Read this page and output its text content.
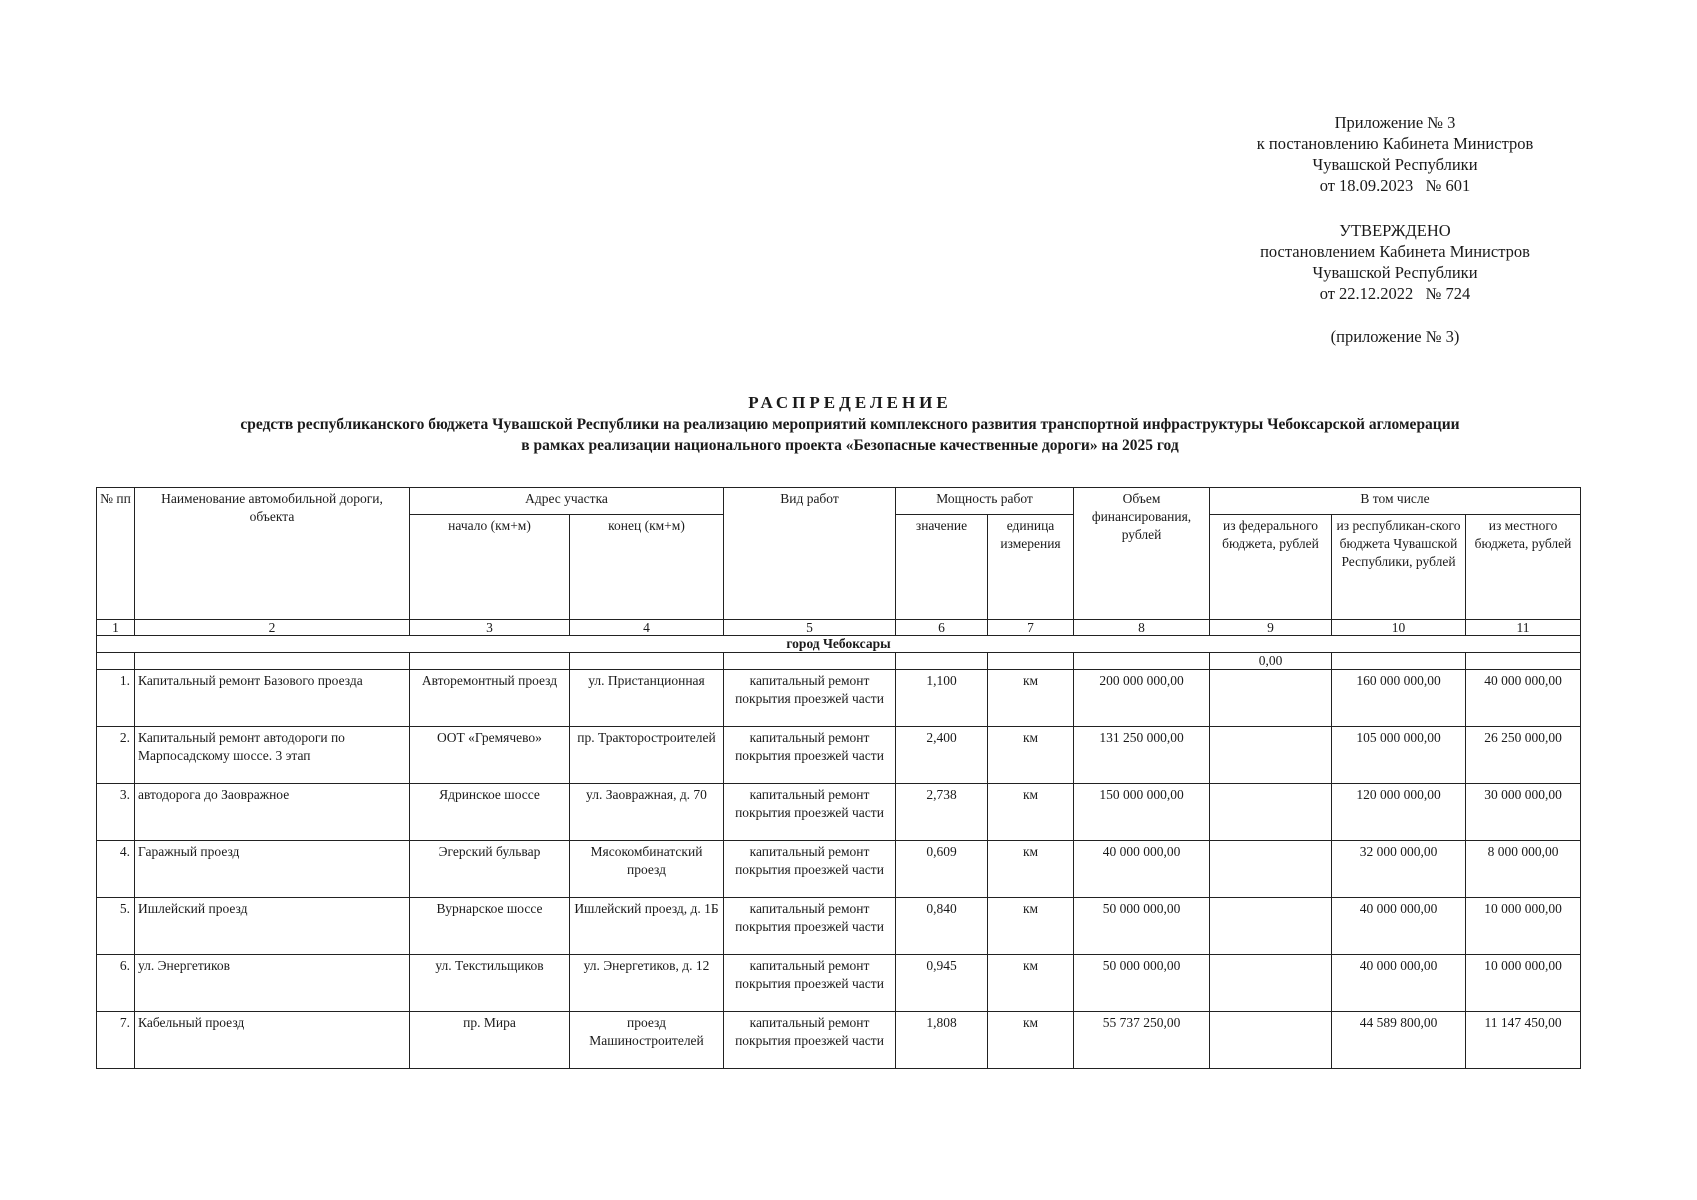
Приложение № 3
к постановлению Кабинета Министров
Чувашской Республики
от 18.09.2023   № 601
УТВЕРЖДЕНО
постановлением Кабинета Министров
Чувашской Республики
от 22.12.2022   № 724
(приложение № 3)
РАСПРЕДЕЛЕНИЕ
средств республиканского бюджета Чувашской Республики на реализацию мероприятий комплексного развития транспортной инфраструктуры Чебоксарской агломерации
в рамках реализации национального проекта «Безопасные качественные дороги» на 2025 год
№ пп	Наименование автомобильной дороги, объекта	Адрес участка		Вид работ	Мощность работ		Объем финансирования, рублей	В том числе		
		начало (км+м)	конец (км+м)		значение	единица измерения		из федерального бюджета, рублей	из республикан-ского бюджета Чувашской Республики, рублей	из местного бюджета, рублей
1	2	3	4	5	6	7	8	9	10	11
город Чебоксары										
								0,00		
1.	Капитальный ремонт Базового проезда	Авторемонтный проезд	ул. Пристанционная	капитальный ремонт покрытия проезжей части	1,100	км	200 000 000,00		160 000 000,00	40 000 000,00
2.	Капитальный ремонт автодороги по Марпосадскому шоссе. 3 этап	ООТ «Гремячево»	пр. Тракторостроителей	капитальный ремонт покрытия проезжей части	2,400	км	131 250 000,00		105 000 000,00	26 250 000,00
3.	автодорога до Заовражное	Ядринское шоссе	ул. Заовражная, д. 70	капитальный ремонт покрытия проезжей части	2,738	км	150 000 000,00		120 000 000,00	30 000 000,00
4.	Гаражный проезд	Эгерский бульвар	Мясокомбинатский проезд	капитальный ремонт покрытия проезжей части	0,609	км	40 000 000,00		32 000 000,00	8 000 000,00
5.	Ишлейский проезд	Вурнарское шоссе	Ишлейский проезд, д. 1Б	капитальный ремонт покрытия проезжей части	0,840	км	50 000 000,00		40 000 000,00	10 000 000,00
6.	ул. Энергетиков	ул. Текстильщиков	ул. Энергетиков, д. 12	капитальный ремонт покрытия проезжей части	0,945	км	50 000 000,00		40 000 000,00	10 000 000,00
7.	Кабельный проезд	пр. Мира	проезд Машиностроителей	капитальный ремонт покрытия проезжей части	1,808	км	55 737 250,00		44 589 800,00	11 147 450,00
